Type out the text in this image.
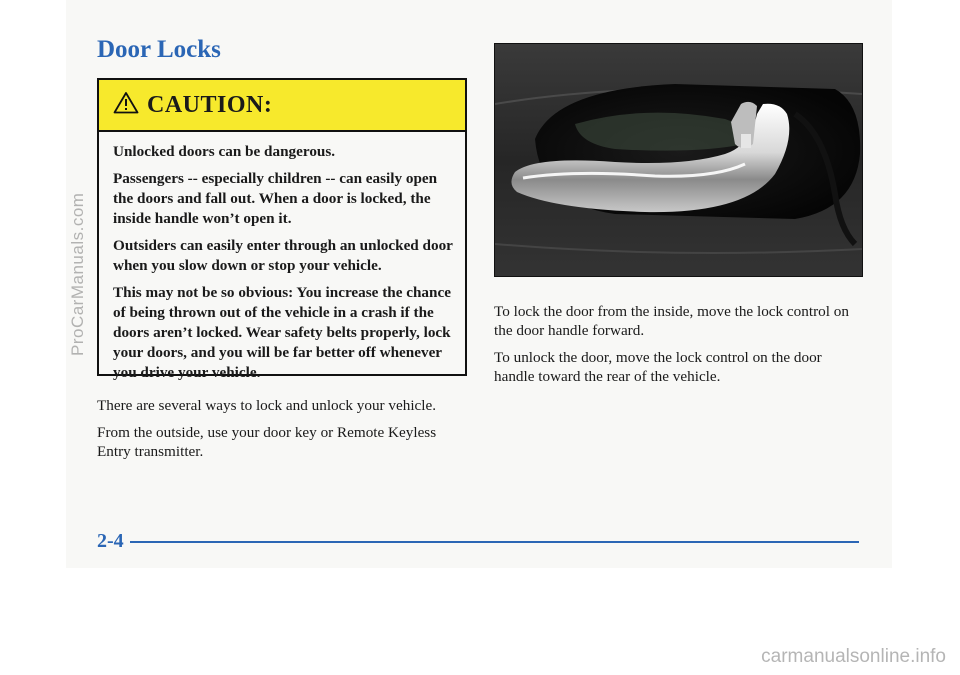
Door Locks
CAUTION:

Unlocked doors can be dangerous.

Passengers -- especially children -- can easily open the doors and fall out. When a door is locked, the inside handle won’t open it.

Outsiders can easily enter through an unlocked door when you slow down or stop your vehicle.

This may not be so obvious: You increase the chance of being thrown out of the vehicle in a crash if the doors aren’t locked. Wear safety belts properly, lock your doors, and you will be far better off whenever you drive your vehicle.

There are several ways to lock and unlock your vehicle.

From the outside, use your door key or Remote Keyless Entry transmitter.

To lock the door from the inside, move the lock control on the door handle forward.

To unlock the door, move the lock control on the door handle toward the rear of the vehicle.

2-4
ProCarManuals.com
carmanualsonline.info
